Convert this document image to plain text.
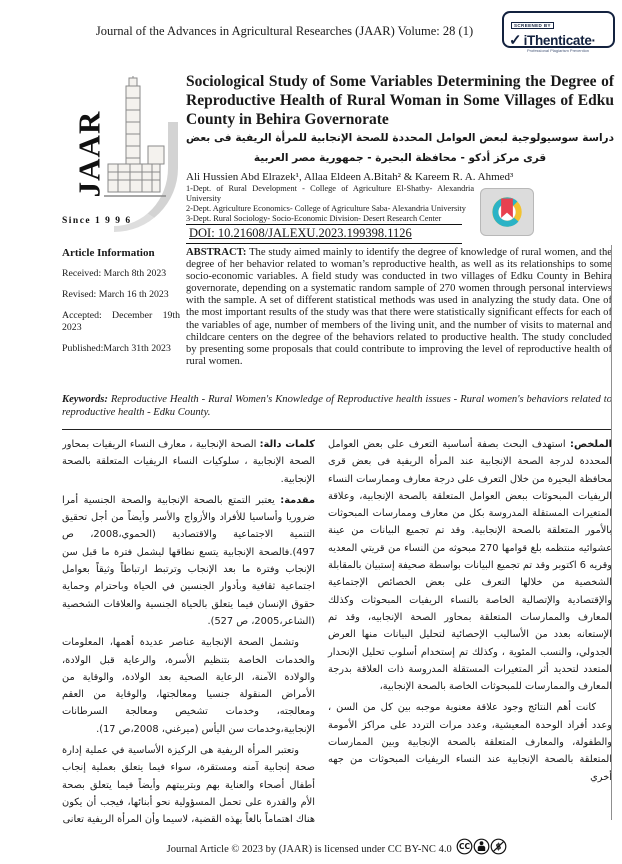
Journal of the Advances in Agricultural Researches (JAAR) Volume: 28 (1)	SCREENED BY
✓ iThenticate·
Professional Plagiarism Prevention
JAAR
Since 1 9 9 6
Sociological Study of Some Variables Determining the Degree of Reproductive Health of Rural Woman in Some Villages of Edku County in Behira Governorate
دراسة سوسيولوجية لبعض العوامل المحددة للصحة الإنجابية للمرأة الريفية فى بعض
قرى مركز أدكو - محافظة البحيرة - جمهورية مصر العربية
Ali Hussien Abd Elrazek¹, Allaa Eldeen A.Bitah² & Kareem R. A. Ahmed³
1-Dept. of Rural Development - College of Agriculture El-Shatby- Alexandria University
2-Dept. Agriculture Economics- College of Agriculture Saba- Alexandria University
3-Dept. Rural Sociology- Socio-Economic Division- Desert Research Center
DOI: 10.21608/JALEXU.2023.199398.1126
Article Information
Received: March 8th 2023
Revised: March 16 th 2023
Accepted: December 19th 2023
Published:March 31th 2023
ABSTRACT: The study aimed mainly to identify the degree of knowledge of rural women, and the degree of her behavior related to woman’s reproductive health, as well as its relationships to some socio-economic variables. A field study was conducted in two villages of Edku County in Behira governorate, depending on a systematic random sample of 270 women through personal interviews with the sample. A set of different statistical methods was used in analyzing the study data. One of the most important results of the study was that there were statistically significant effects for each of the variables of age, number of members of the living unit, and the number of visits to maternal and childcare centers on the degree of the behaviors related to productive health. The study concluded by presenting some proposals that could contribute to improving the level of reproductive health of rural women.
Keywords: Reproductive Health - Rural Women's Knowledge of Reproductive health issues - Rural women's behaviors related to reproductive health - Edku County.

الملخص: استهدف البحث بصفة أساسية التعرف على بعض العوامل المحددة لدرجة الصحة الإنجابية عند المرأة الريفية فى بعض قرى محافظة البحيرة من خلال التعرف على درجة معارف وممارسات النساء الريفيات المبحوثات ببعض العوامل المتعلقة بالصحة الإنجابية، وعلاقة المتغيرات المستقلة المدروسة بكل من معارف وممارسات المبحوثات بالأمور المتعلقة بالصحة الإنجابية. وقد تم تجميع البيانات من عينة عشوائيه منتظمه بلغ قوامها 270 مبحوثه من النساء من قريتي المعديه وقريه 6 اكتوبر وقد تم تجميع البيانات بواسطة صحيفة إستبيان بالمقابلة الشخصية من خلالها التعرف على بعض الخصائص الإجتماعية والإقتصادية والإتصالية الخاصة بالنساء الريفيات المبحوثات وكذلك المعارف والممارسات المتعلقة بمحاور الصحة الإنجابيه، وقد تم الإستعانه بعدد من الأساليب الإحصائية لتحليل البيانات منها العرض الجدولي، والنسب المئوية ، وكذلك تم إستخدام أسلوب تحليل الإنحدار المتعدد لتحديد أثر المتغيرات المستقلة المدروسة ذات العلاقة بدرجة المعارف والممارسات للمبحوثات الخاصة بالصحة الإنجابية،

كانت أهم النتائج وجود علاقة معنوية موجبه بين كل من السن ، وعدد أفراد الوحدة المعيشية، وعدد مرات التردد على مراكز الأمومة والطفولة، والمعارف المتعلقة بالصحة الإنجابية وبين الممارسات المتعلقة بالصحة الإنجابية عند النساء الريفيات المبحوثات من جهه أخري

كلمات دالة: الصحة الإنجابية ، معارف النساء الريفيات بمحاور الصحة الإنجابية ، سلوكيات النساء الريفيات المتعلقة بالصحة الإنجابية.

مقدمة: يعتبر التمتع بالصحة الإنجابية والصحة الجنسية أمرا ضروريا وأساسيا للأفراد والأزواج والأسر وأيضاً من أجل تحقيق التنمية الاجتماعية والاقتصادية (الحموي،2008، ص 497).فالصحة الإنجابية يتسع نطاقها ليشمل فترة ما قبل سن الإنجاب وفترة ما بعد الإنجاب وترتبط ارتباطاً وثيقاً بعوامل اجتماعية ثقافية وبأدوار الجنسين في الحياة وباحترام وحماية حقوق الإنسان فيما يتعلق بالحياة الجنسية والعلاقات الشخصية (الشاعر،2005، ص 527).

وتشمل الصحة الإنجابية عناصر عديدة أهمها، المعلومات والخدمات الخاصة بتنظيم الأسرة، والرعاية قبل الولادة، والولادة الآمنة، الرعاية الصحية بعد الولادة، والوقاية من الأمراض المنقولة جنسيا ومعالجتها، والوقاية من العقم ومعالجته، وخدمات تشخيص ومعالجة السرطانات الإنجابية،وخدمات سن اليأس (ميرغني، 2008،ص 17).

وتعتبر المرأة الريفية هى الركيزة الأساسية في عملية إدارة صحة إنجابية آمنه ومستقرة، سواء فيما يتعلق بعملية إنجاب أطفال أصحاء والعناية بهم وبتربيتهم وأيضاً فيما يتعلق بصحة الأم والقدرة على تحمل المسؤولية نحو أبنائها، فيجب أن يكون هناك اهتماماً بالغاً بهذه القضية، لاسيما وأن المرأة الريفية تعانى

Journal Article © 2023 by (JAAR) is licensed under CC BY-NC 4.0 CC	$
